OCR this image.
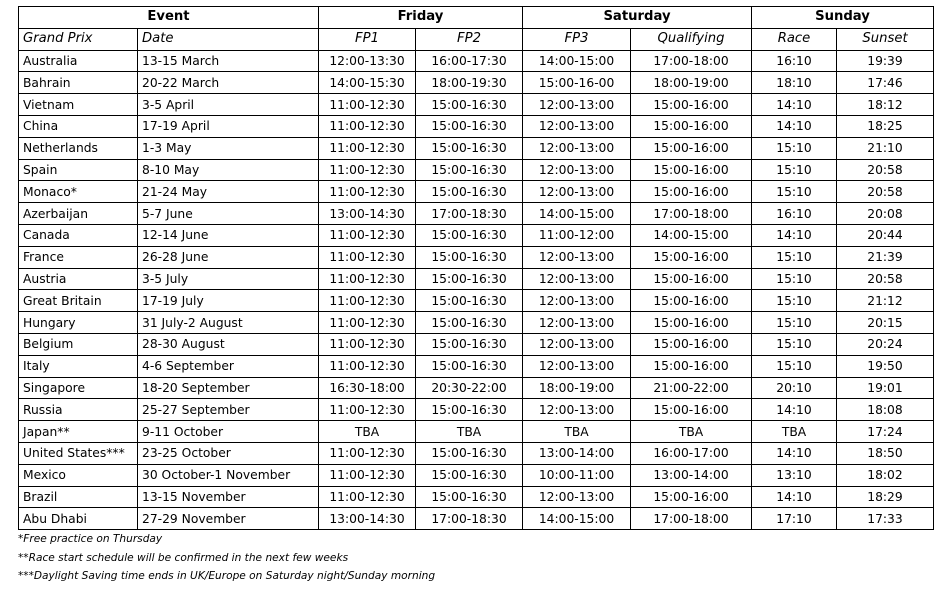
Event		Friday		Saturday		Sunday	
Grand Prix	Date	FP1	FP2	FP3	Qualifying	Race	Sunset
Australia	13-15 March	12:00-13:30	16:00-17:30	14:00-15:00	17:00-18:00	16:10	19:39
Bahrain	20-22 March	14:00-15:30	18:00-19:30	15:00-16-00	18:00-19:00	18:10	17:46
Vietnam	3-5 April	11:00-12:30	15:00-16:30	12:00-13:00	15:00-16:00	14:10	18:12
China	17-19 April	11:00-12:30	15:00-16:30	12:00-13:00	15:00-16:00	14:10	18:25
Netherlands	1-3 May	11:00-12:30	15:00-16:30	12:00-13:00	15:00-16:00	15:10	21:10
Spain	8-10 May	11:00-12:30	15:00-16:30	12:00-13:00	15:00-16:00	15:10	20:58
Monaco*	21-24 May	11:00-12:30	15:00-16:30	12:00-13:00	15:00-16:00	15:10	20:58
Azerbaijan	5-7 June	13:00-14:30	17:00-18:30	14:00-15:00	17:00-18:00	16:10	20:08
Canada	12-14 June	11:00-12:30	15:00-16:30	11:00-12:00	14:00-15:00	14:10	20:44
France	26-28 June	11:00-12:30	15:00-16:30	12:00-13:00	15:00-16:00	15:10	21:39
Austria	3-5 July	11:00-12:30	15:00-16:30	12:00-13:00	15:00-16:00	15:10	20:58
Great Britain	17-19 July	11:00-12:30	15:00-16:30	12:00-13:00	15:00-16:00	15:10	21:12
Hungary	31 July-2 August	11:00-12:30	15:00-16:30	12:00-13:00	15:00-16:00	15:10	20:15
Belgium	28-30 August	11:00-12:30	15:00-16:30	12:00-13:00	15:00-16:00	15:10	20:24
Italy	4-6 September	11:00-12:30	15:00-16:30	12:00-13:00	15:00-16:00	15:10	19:50
Singapore	18-20 September	16:30-18:00	20:30-22:00	18:00-19:00	21:00-22:00	20:10	19:01
Russia	25-27 September	11:00-12:30	15:00-16:30	12:00-13:00	15:00-16:00	14:10	18:08
Japan**	9-11 October	TBA	TBA	TBA	TBA	TBA	17:24
United States***	23-25 October	11:00-12:30	15:00-16:30	13:00-14:00	16:00-17:00	14:10	18:50
Mexico	30 October-1 November	11:00-12:30	15:00-16:30	10:00-11:00	13:00-14:00	13:10	18:02
Brazil	13-15 November	11:00-12:30	15:00-16:30	12:00-13:00	15:00-16:00	14:10	18:29
Abu Dhabi	27-29 November	13:00-14:30	17:00-18:30	14:00-15:00	17:00-18:00	17:10	17:33
*Free practice on Thursday
**Race start schedule will be confirmed in the next few weeks
***Daylight Saving time ends in UK/Europe on Saturday night/Sunday morning
